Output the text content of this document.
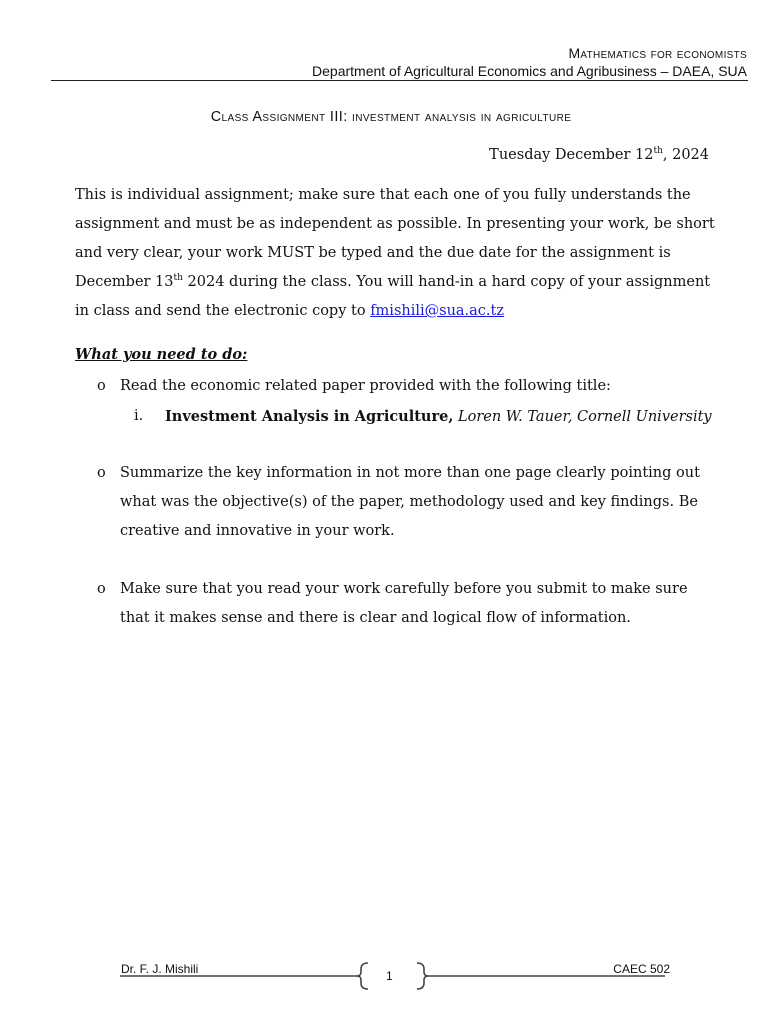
Mathematics for economists
Department of Agricultural Economics and Agribusiness – DAEA, SUA
Class Assignment III: investment analysis in agriculture
Tuesday December 12th, 2024
This is individual assignment; make sure that each one of you fully understands the assignment and must be as independent as possible. In presenting your work, be short and very clear, your work MUST be typed and the due date for the assignment is December 13th 2024 during the class. You will hand-in a hard copy of your assignment in class and send the electronic copy to fmishili@sua.ac.tz
What you need to do:
o Read the economic related paper provided with the following title:
i. Investment Analysis in Agriculture, Loren W. Tauer, Cornell University
o Summarize the key information in not more than one page clearly pointing out what was the objective(s) of the paper, methodology used and key findings. Be creative and innovative in your work.
o Make sure that you read your work carefully before you submit to make sure that it makes sense and there is clear and logical flow of information.
Dr. F. J. Mishili	1	CAEC 502
